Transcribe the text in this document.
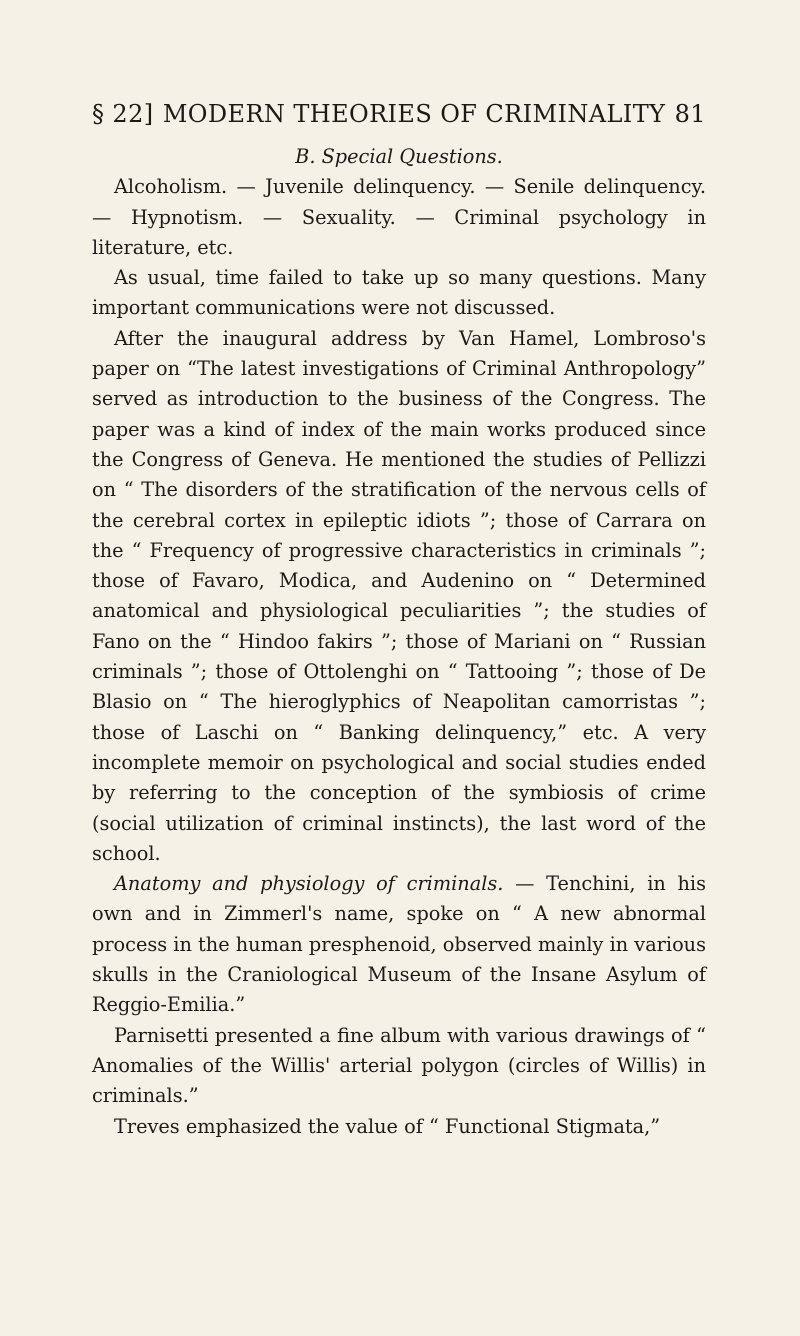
§ 22] MODERN THEORIES OF CRIMINALITY 81

B. Special Questions.

Alcoholism. — Juvenile delinquency. — Senile delinquency. — Hypnotism. — Sexuality. — Criminal psychology in literature, etc.

As usual, time failed to take up so many questions. Many important communications were not discussed.

After the inaugural address by Van Hamel, Lombroso's paper on “The latest investigations of Criminal Anthropology” served as introduction to the business of the Congress. The paper was a kind of index of the main works produced since the Congress of Geneva. He mentioned the studies of Pellizzi on “ The disorders of the stratification of the nervous cells of the cerebral cortex in epileptic idiots ”; those of Carrara on the “ Frequency of progressive characteristics in criminals ”; those of Favaro, Modica, and Audenino on “ Determined anatomical and physiological peculiarities ”; the studies of Fano on the “ Hindoo fakirs ”; those of Mariani on “ Russian criminals ”; those of Ottolenghi on “ Tattooing ”; those of De Blasio on “ The hieroglyphics of Neapolitan camorristas ”; those of Laschi on “ Banking delinquency,” etc. A very incomplete memoir on psychological and social studies ended by referring to the conception of the symbiosis of crime (social utilization of criminal instincts), the last word of the school.

Anatomy and physiology of criminals. — Tenchini, in his own and in Zimmerl's name, spoke on “ A new abnormal process in the human presphenoid, observed mainly in various skulls in the Craniological Museum of the Insane Asylum of Reggio-Emilia.”

Parnisetti presented a fine album with various drawings of “ Anomalies of the Willis' arterial polygon (circles of Willis) in criminals.”

Treves emphasized the value of “ Functional Stigmata,”
